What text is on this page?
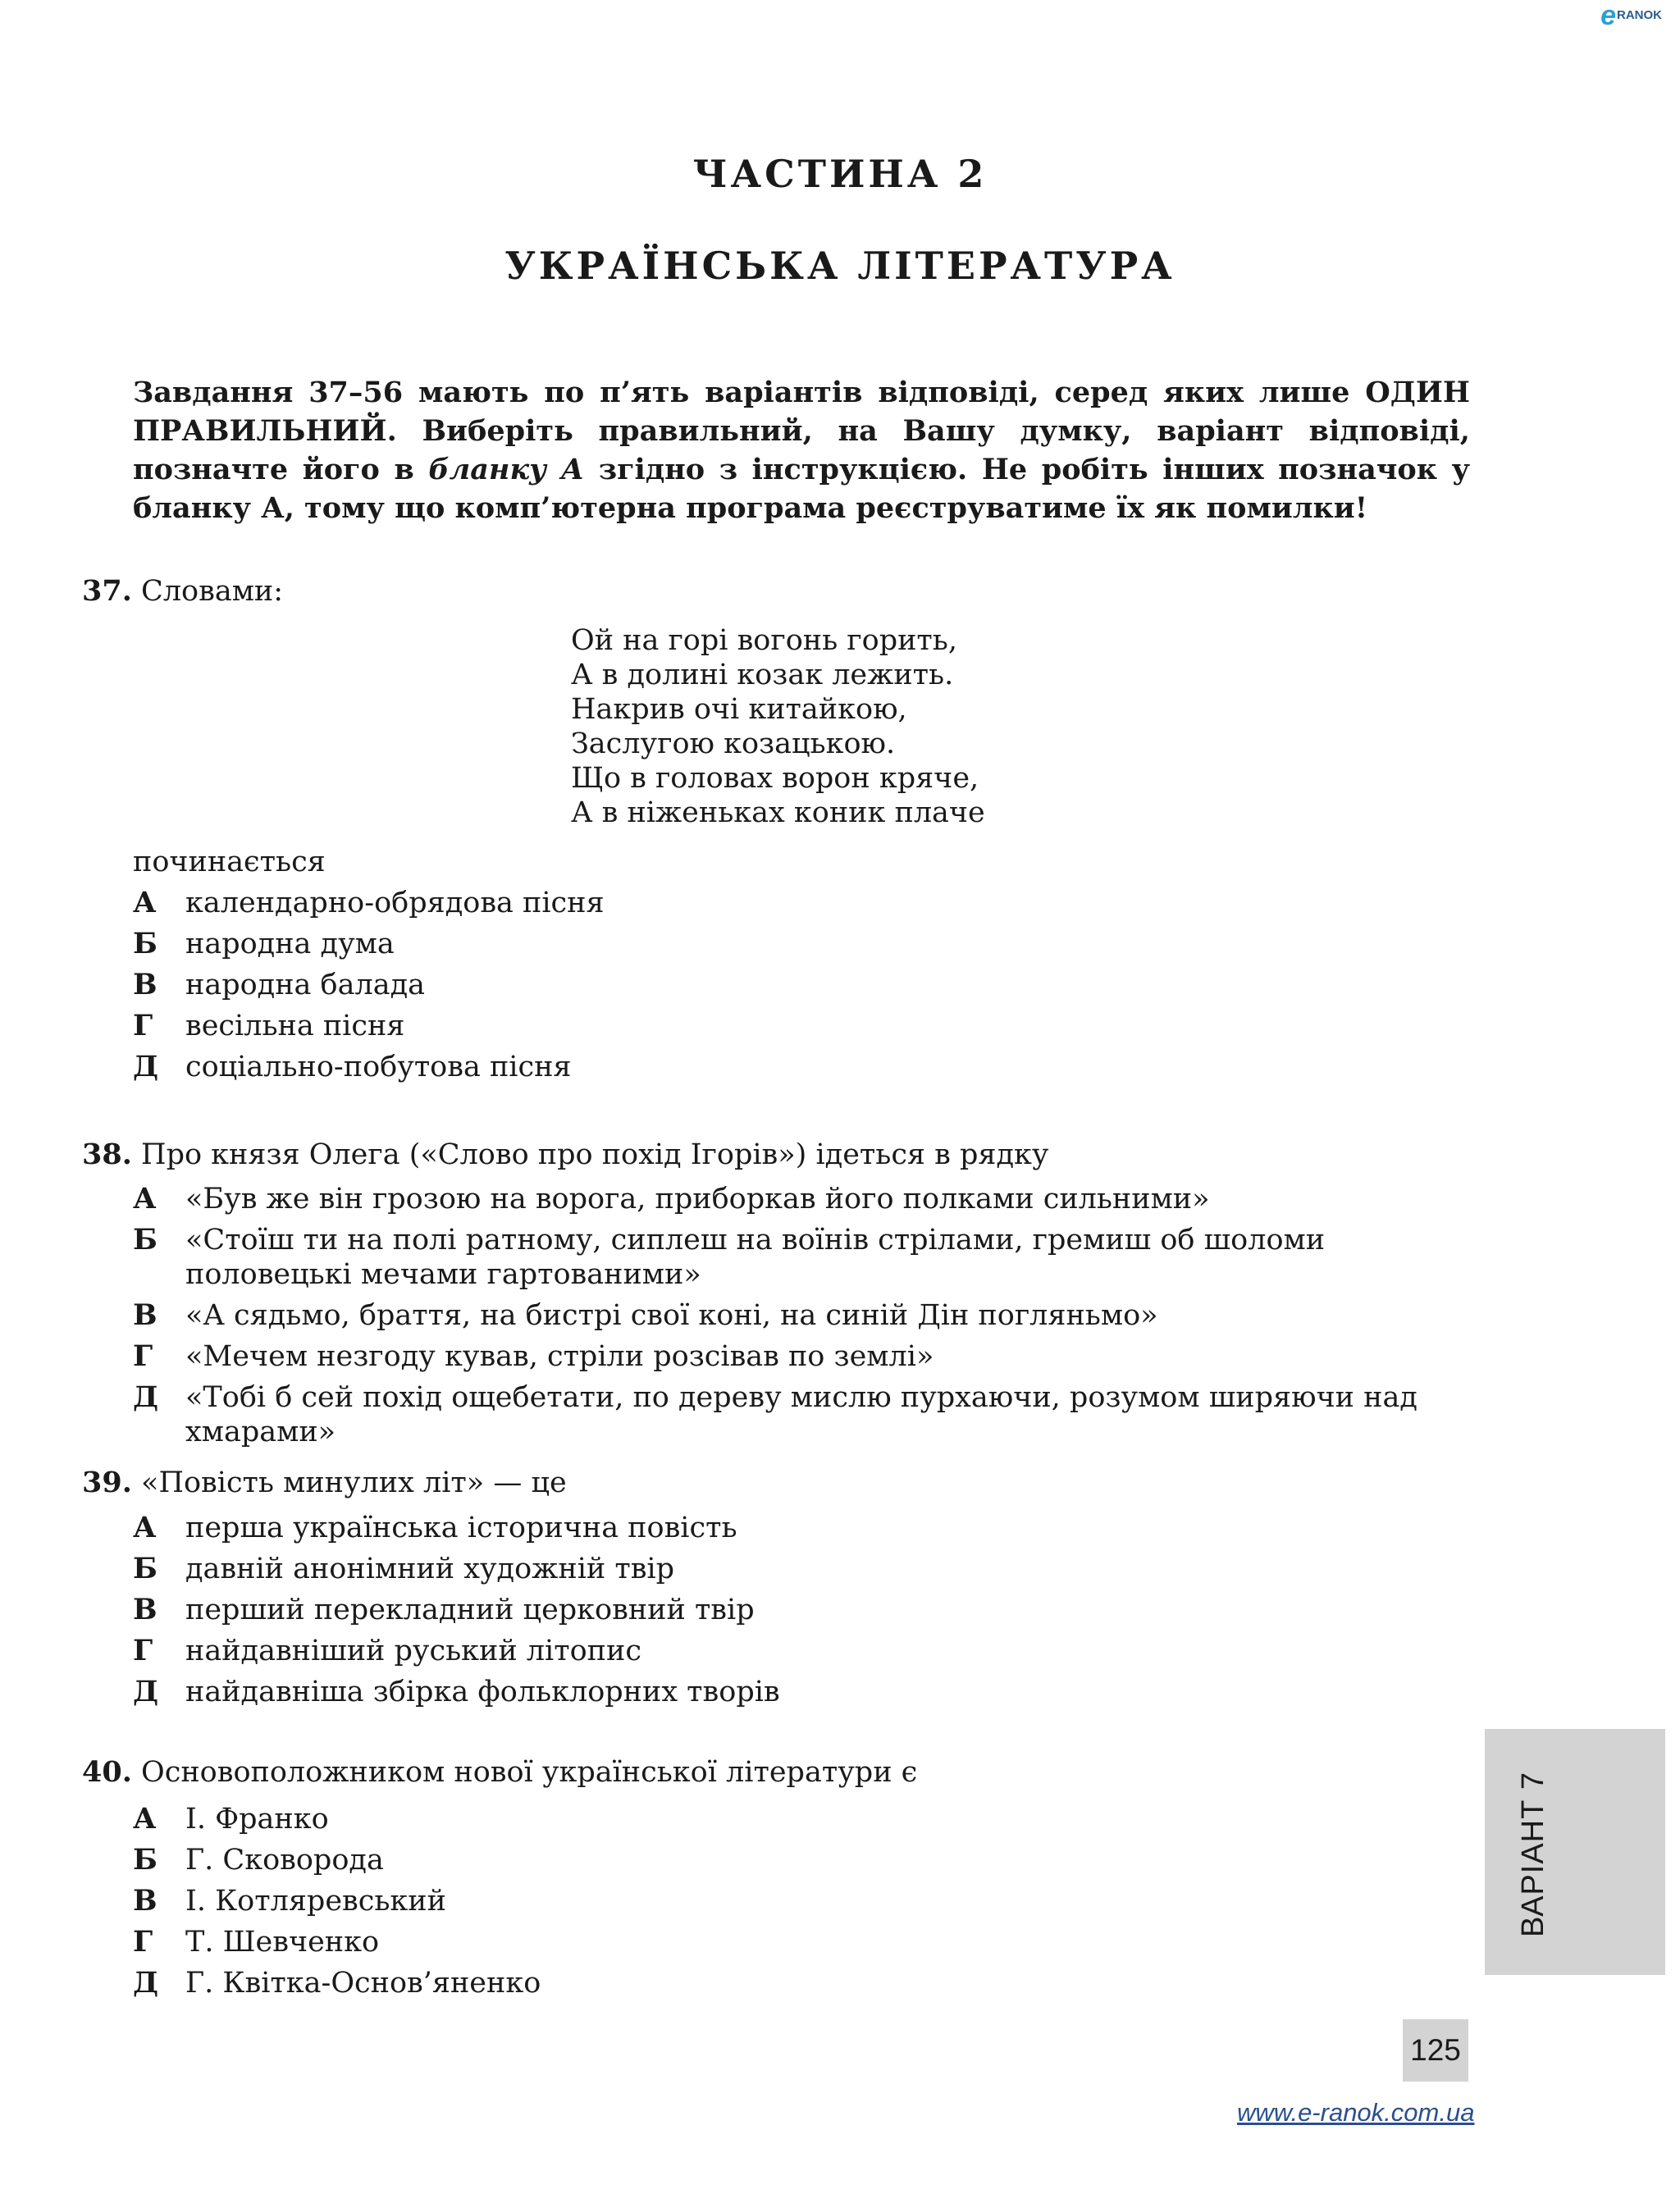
e RANOK
ЧАСТИНА 2
УКРАЇНСЬКА ЛІТЕРАТУРА
Завдання 37–56 мають по п’ять варіантів відповіді, серед яких лише ОДИН ПРАВИЛЬНИЙ. Виберіть правильний, на Вашу думку, варіант відповіді, позначте його в бланку А згідно з інструкцією. Не робіть інших позначок у бланку А, тому що комп’ютерна програма реєструватиме їх як помилки!
37. Словами:
Ой на горі вогонь горить,
А в долині козак лежить.
Накрив очі китайкою,
Заслугою козацькою.
Що в головах ворон кряче,
А в ніженьках коник плаче
починається
А	календарно-обрядова пісня
Б народна дума
В народна балада
Г	весільна пісня
Д соціально-побутова пісня
38. Про князя Олега («Слово про похід Ігорів») ідеться в рядку
А	«Був же він грозою на ворога, приборкав його полками сильними»
Б «Стоїш ти на полі ратному, сиплеш на воїнів стрілами, гремиш об шоломи половецькі мечами гартованими»
В «А сядьмо, браття, на бистрі свої коні, на синій Дін погляньмо»
Г	«Мечем незгоду кував, стріли розсівав по землі»
Д «Тобі б сей похід ощебетати, по дереву мислю пурхаючи, розумом ширяючи над хмарами»
39. «Повість минулих літ» — це
А	перша українська історична повість
Б давній анонімний художній твір
В перший перекладний церковний твір
Г	найдавніший руський літопис
Д найдавніша збірка фольклорних творів
40. Основоположником нової української літератури є
А	І. Франко
Б Г. Сковорода
В І. Котляревський
Г	Т. Шевченко
Д Г. Квітка-Основ’яненко
ВАРІАНТ 7
125
www.e-ranok.com.ua
